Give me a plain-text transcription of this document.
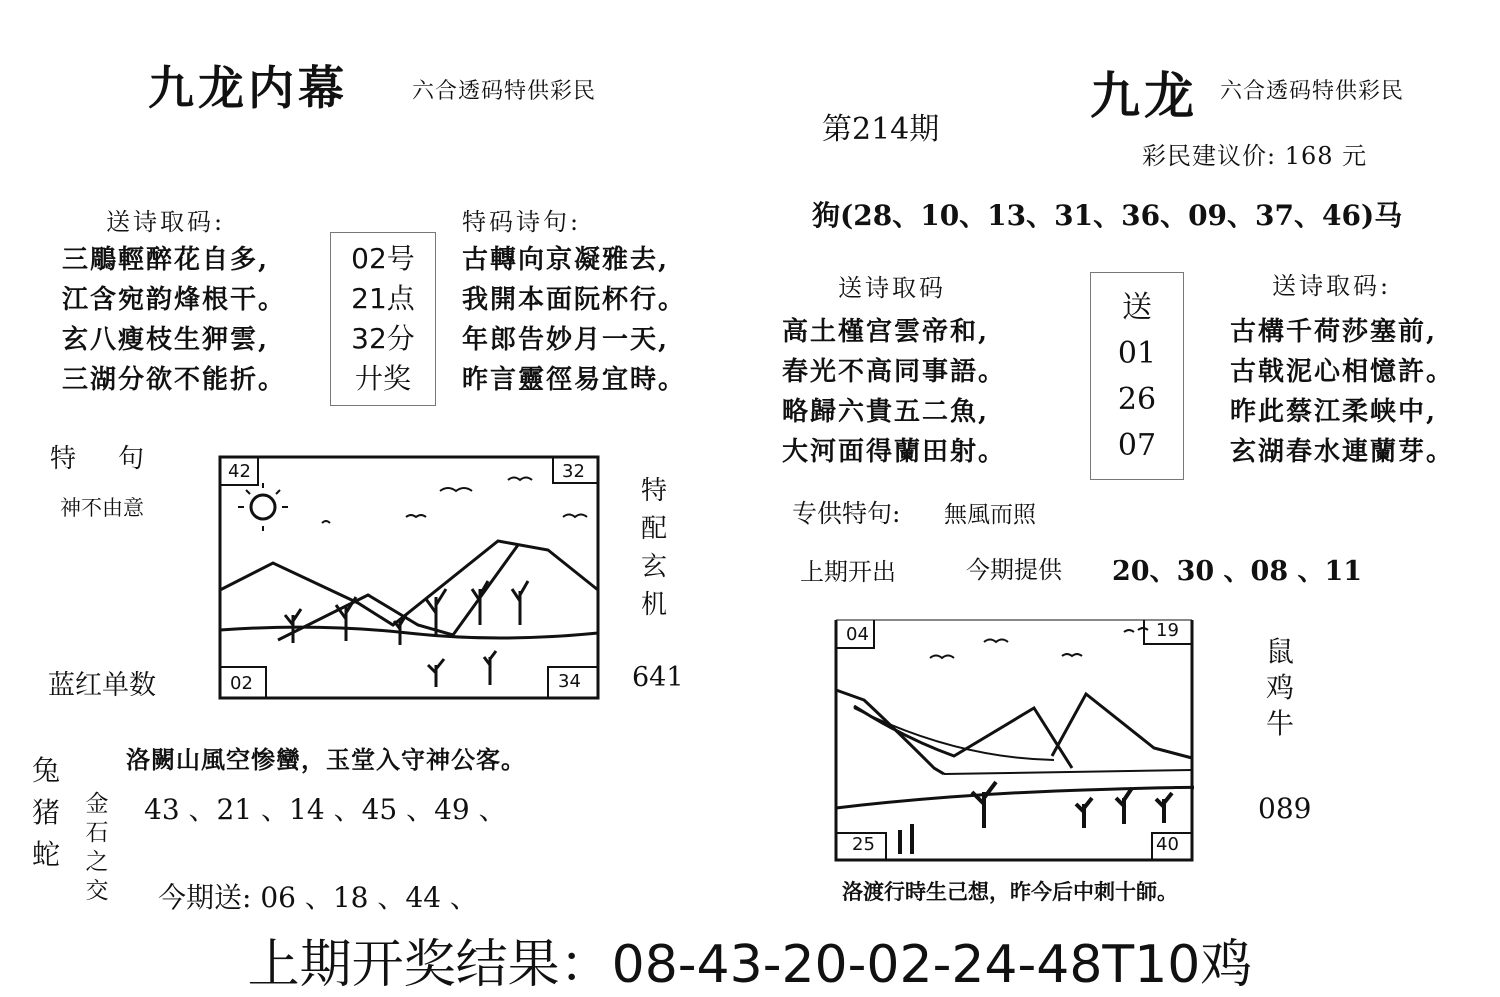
九龙内幕	六合透码特供彩民
送诗取码:
三鵰輕醉花自多,
江含宛韵烽根干。
玄八瘦枝生狎雲,
三湖分欲不能折。
02号
21点
32分
廾奖
特码诗句:
古轉向京凝雅去,
我開本面阮杯行。
年郎告妙月一天,
昨言靈徑易宜時。
特　句
神不由意
42	32
02	34
特
配
玄
机
蓝红单数	641
兔
猪
蛇
金
石
之
交
洛闕山風空惨蠻，玉堂入守神公客。
43 、21 、14 、45 、49 、
今期送: 06 、18 、44 、
第214期
九龙 六合透码特供彩民
彩民建议价: 168 元
狗(28、10、13、31、36、09、37、46)马
送诗取码
高土槿宫雲帝和,
春光不高同事語。
略歸六貴五二魚,
大河面得蘭田射。
送
01
26
07
送诗取码:
古構千荷莎塞前,
古戟泥心相憶許。
昨此蔡江柔峡中,
玄湖春水連蘭芽。
专供特句: 無風而照
上期开出	今期提供 20、30 、08 、11
04	19
25	40
鼠
鸡
牛
089
洛渡行時生己想，昨今后中刺十師。
上期开奖结果：08-43-20-02-24-48T10鸡
